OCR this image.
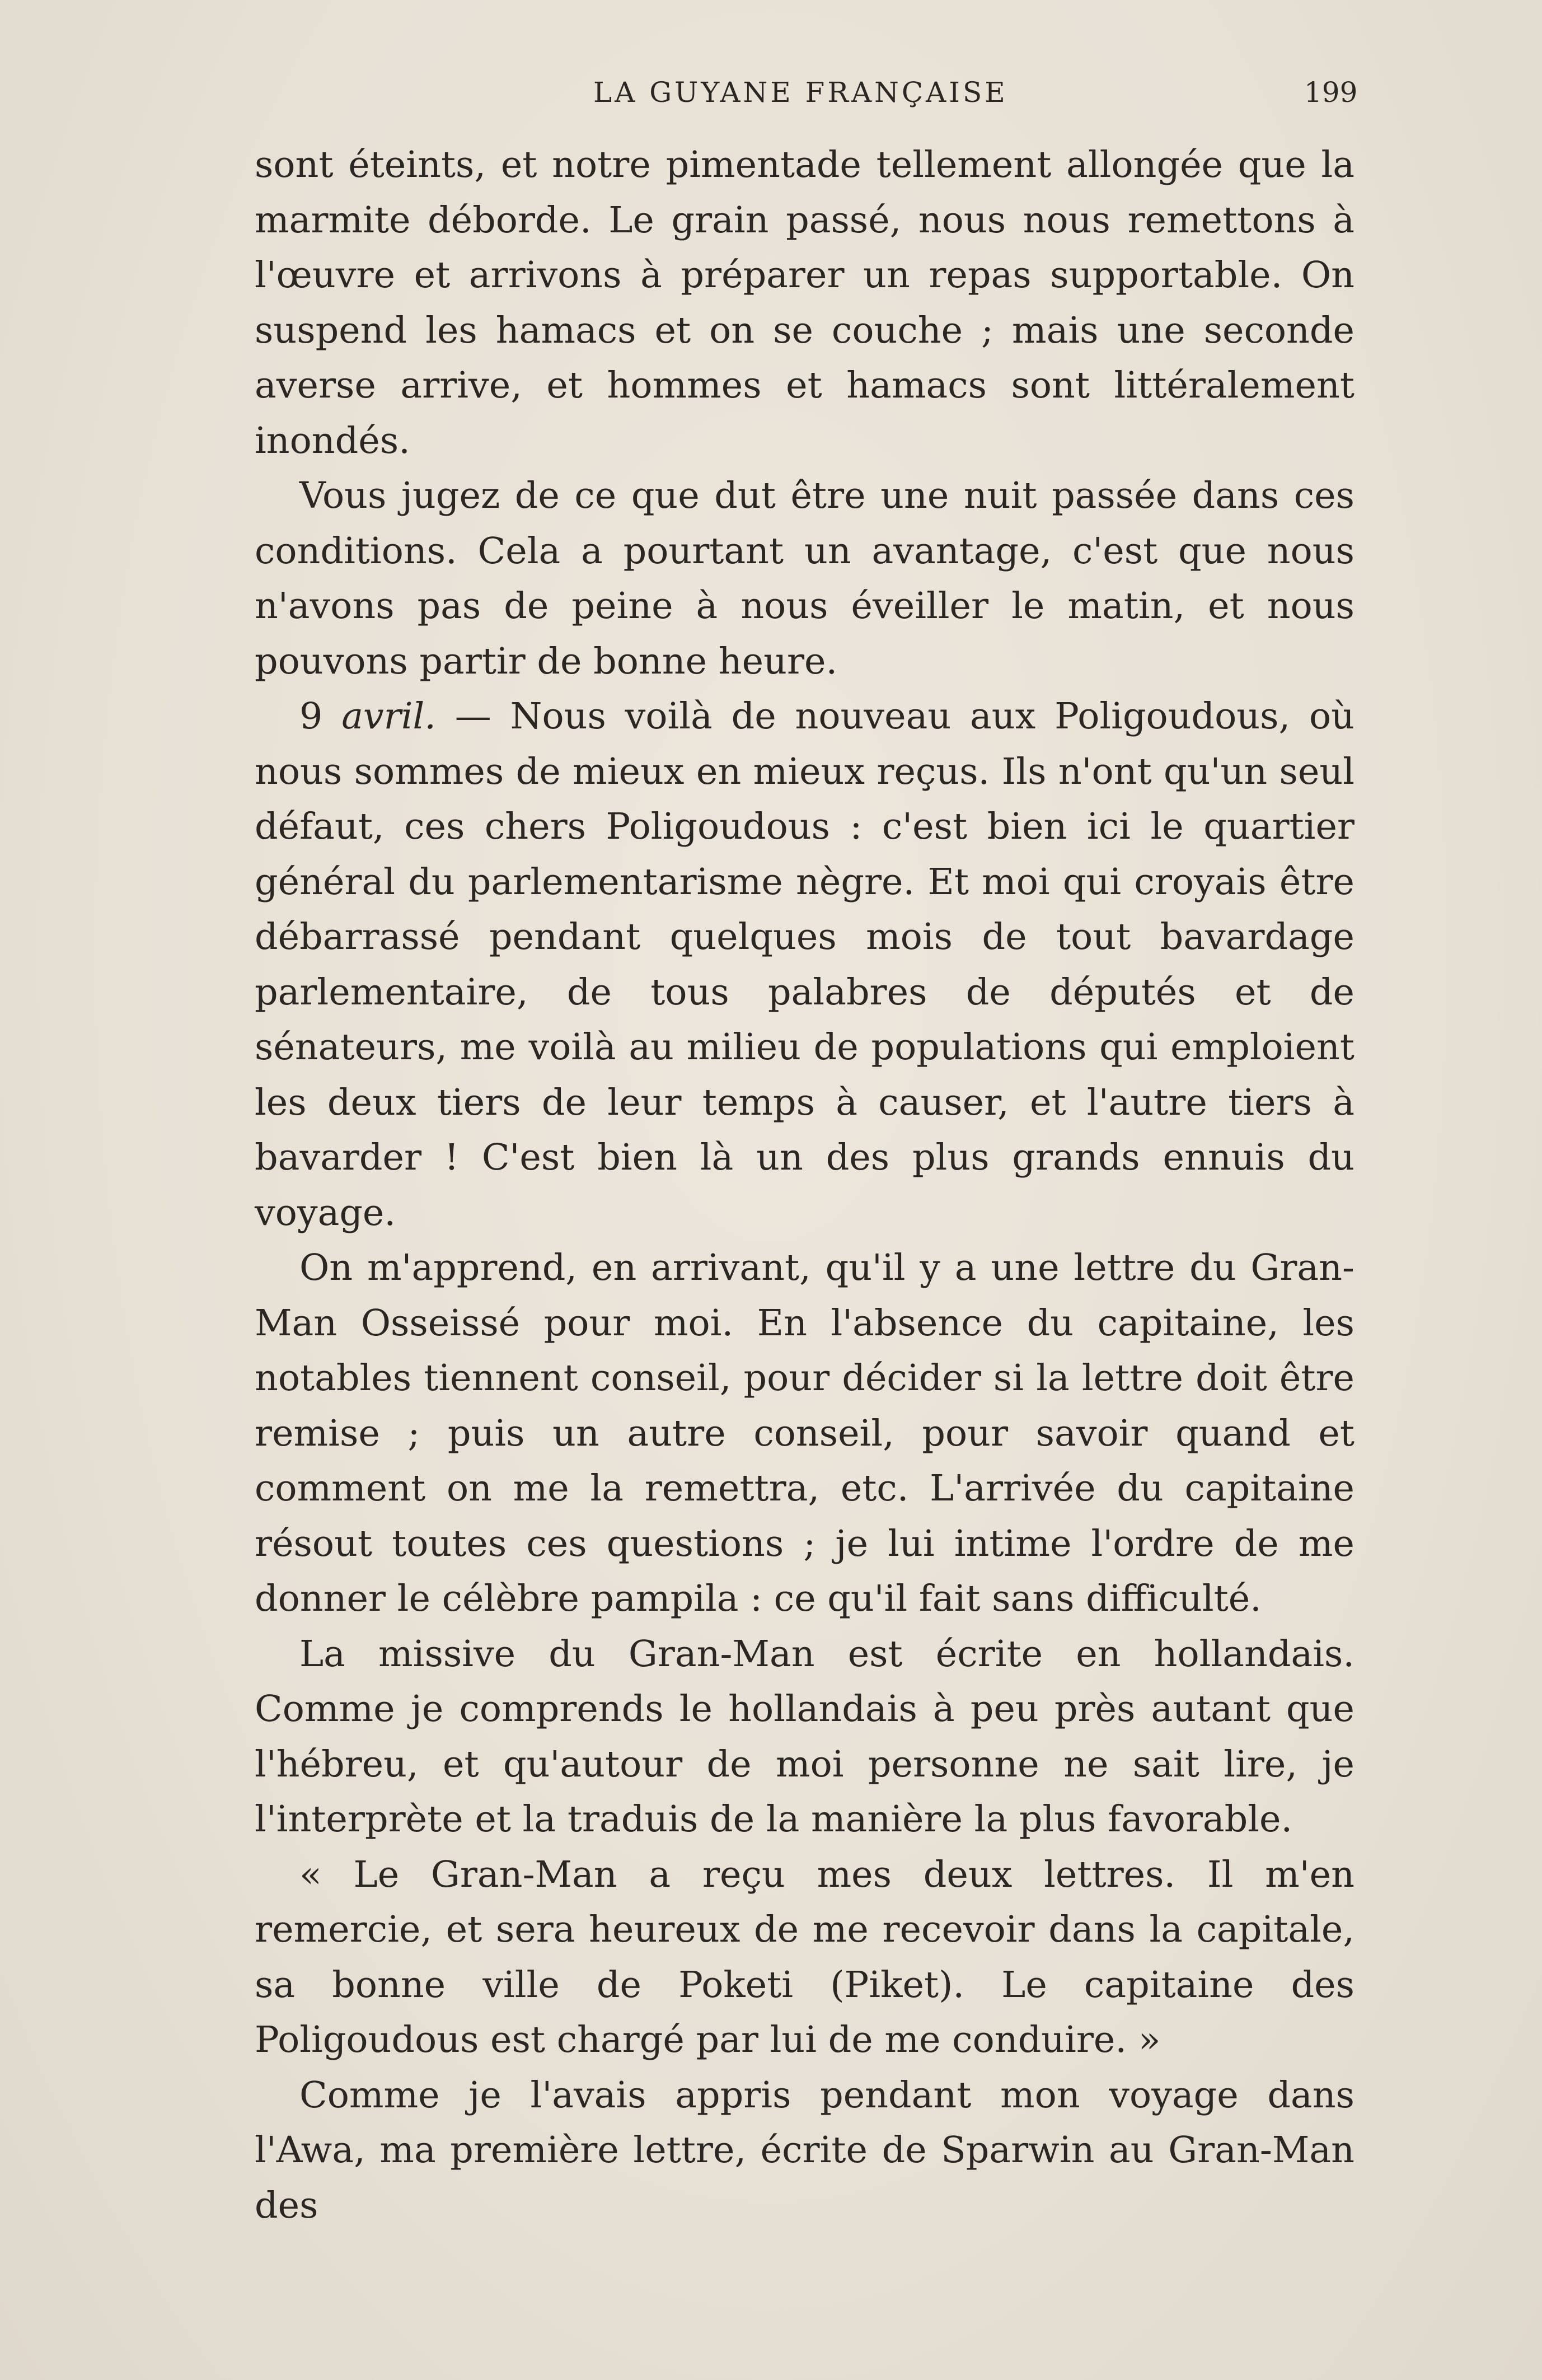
LA GUYANE FRANÇAISE	199

sont éteints, et notre pimentade tellement allongée que la marmite déborde. Le grain passé, nous nous remettons à l'œuvre et arrivons à préparer un repas supportable. On suspend les hamacs et on se couche ; mais une seconde averse arrive, et hommes et hamacs sont littéralement inondés.

Vous jugez de ce que dut être une nuit passée dans ces conditions. Cela a pourtant un avantage, c'est que nous n'avons pas de peine à nous éveiller le matin, et nous pouvons partir de bonne heure.

9 avril. — Nous voilà de nouveau aux Poligoudous, où nous sommes de mieux en mieux reçus. Ils n'ont qu'un seul défaut, ces chers Poligoudous : c'est bien ici le quartier général du parlementarisme nègre. Et moi qui croyais être débarrassé pendant quelques mois de tout bavardage parlementaire, de tous palabres de députés et de sénateurs, me voilà au milieu de populations qui emploient les deux tiers de leur temps à causer, et l'autre tiers à bavarder ! C'est bien là un des plus grands ennuis du voyage.

On m'apprend, en arrivant, qu'il y a une lettre du Gran-Man Osseissé pour moi. En l'absence du capitaine, les notables tiennent conseil, pour décider si la lettre doit être remise ; puis un autre conseil, pour savoir quand et comment on me la remettra, etc. L'arrivée du capitaine résout toutes ces questions ; je lui intime l'ordre de me donner le célèbre pampila : ce qu'il fait sans difficulté.

La missive du Gran-Man est écrite en hollandais. Comme je comprends le hollandais à peu près autant que l'hébreu, et qu'autour de moi personne ne sait lire, je l'interprète et la traduis de la manière la plus favorable.

« Le Gran-Man a reçu mes deux lettres. Il m'en remercie, et sera heureux de me recevoir dans la capitale, sa bonne ville de Poketi (Piket). Le capitaine des Poligoudous est chargé par lui de me conduire. »

Comme je l'avais appris pendant mon voyage dans l'Awa, ma première lettre, écrite de Sparwin au Gran-Man des
